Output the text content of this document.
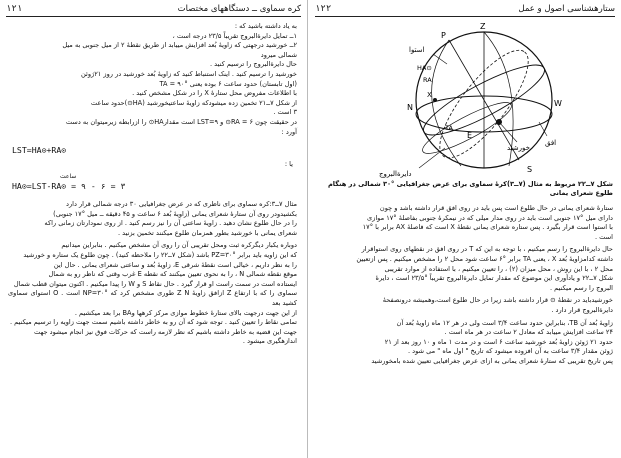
کره سماوی ــ دستگاههای مختصات
۱۲۱

به یاد داشته باشید که :

۱ــ تمایل دایرةالبروج تقریباً ۲۳/۵ درجه است ،

۲ــ خورشید درجهتی که زاویهٔ بُعد افزایش مییابد از طریق نقطهٔ ۲ از میل جنوبی به میل

شمالی میرود

حال دایرةالبروج را ترسیم کنید .

خورشید را ترسیم کنید . اینک استنباط کنید که زاویهٔ بُعد خورشید در روز ۲۱ژوئن

(اول تابستان) حدود ساعت ۶ بوده یعنی °۹۰ = TA

با اطلاعات مفروض محل ستارهٔ X را در شکل مشخص کنید .

از شکل ۷ــ۲۱ تخمین زده میشودکه زاویهٔ ساعتیخورشید (HA⊙)حدود ساعت

۳ است .

در حقیقت چون ۶ = RA⊙ و LST=۹ است مقدارHA⊙ را ازرابطه زیرمیتوان به دست

آورد :

LST=HA⊙+RA⊙
یا :
ساعت
HA⊙=LST-RA⊙ = ۹ - ۶ = ۳

مثال ۷ــ۳:کره سماوی برای ناظری که در عرض جغرافیایی ۳۰ درجه شمالی قرار دارد

بکشیدودر روی آن ستارهٔ شعرای یمانی (زاویهٔ بُعد ۶ ساعت و ۴۵ دقیقه ــ میل °۱۷ جنوبی)

را در حال طلوع نشان دهید . زاویهٔ ساعتی آن را نیز رسم کنید . از روی نمودارتان زمانی راکه

شعرای یمانی با خورشید بطور همزمان طلوع میکنند تخمین بزنید .

دوباره یکبار دیگرکره ثبت ومحل تقریبی آن را روی آن مشخص میکنیم . بنابراین میدانیم

که این زاویه باید برابر °۳۰=PZ باشد (شکل ۷ــ۲۲ را ملاحظه کنید) . چون طلوع یک ستاره و خورشید

را به نظر داریم ، خیالی است نقطهٔ شرقی E، زاویهٔ بُعد و ساعتی شعرای یمانی . حال این

موقع نقطه شمالی N ، را به نحوی تعیین میکنند که نقطه E غرب وقتی که ناظر رو به شمال

ایستاده است در سمت راست او قرار گیرد . حال نقاط S و W را پیدا میکنیم . اکنون میتوان قطب شمال

سماوی را که با ارتفاع Z ازافق زاویهٔ Z N طوری مشخص کرد که °۳۰=NP است . O استوای سماوی کشید بعد

از این جهت درجهت بالای ستارهٔ خطوط موازی مرکز کرهها وBA برا بعد میکشیم .

تمامی نقاط را تعیین کنید . توجه شود که آن رو به خاطر داشته باشیم سمت جهت زاویه را ترسیم میکنیم .

جهت این قضیه به خاطر داشته باشیم که نظر لازمه راست که حرکات فوق نیز انجام میشود جهت

اندازهگیری میشود .

ستارهشناسی اصول و عمل
۱۲۲
Z
P
W
N
S
E
استوا
X
RA
HA⊙
TA
خورشید
افق
دایرةالبروج
شکل ۷ــ۲۲ مربوط به مثال (۷ــ۳)کرهٔ سماوی برای عرض جغرافیایی °۳۰ شمالی در هنگام طلوع شعرای یمانی

ستارهٔ شعرای یمانی در حال طلوع است پس باید در روی افق قرار داشته باشد و چون

دارای میل °۱۷ جنوبی است باید در روی مدار میلی که در نیمکرهٔ جنوبی بفاصلهٔ °۱۷ موازی

با استوا است قرار بگیرد . پس ستاره شعرای یمانی نقطهٔ X است که فاصلهٔ AX برابر با °۱۷

است .

حال دایرةالبروج را رسم میکنیم ، با توجه به این که T در روی افق در نقطهای روی استواقرار

داشته کدامزاویهٔ بُعد X ، یعنی TA برابر °۶ ساعت شود محل ۲ را مشخص میکنیم . پس ازتعیین

محل ۲ ، با این روش ، محل میزان (۲) ، را تعیین میکنیم ، با استفاده از موارد تقریبی

شکل ۷ــ۲۲ و یادآوری این موضوع که مقدار تمایل دایرةالبروج تقریباً °۲۳/۵ است ، دایرهٔ

البروج را رسم میکنیم .

خورشیدباید در نقطهٔ ⊙ قرار داشته باشد زیرا در حال طلوع است،وهمیشه درونصفحهٔ

دایرةالبروج قرار دارد .

زاویهٔ بُعد آن TB، بنابراین حدود ساعت ۳/۴ است ولی در هر ۱۲ ماه زاویهٔ بُعد آن

۲۴ ساعت افزایش مییابد که معادل ۲ ساعت در هر ماه است .

حدود ۲۱ ژوئن زاویهٔ بُعد خورشید ساعت ۶ است و در مدت ۱ ماه و ۱۰ روز بعد از ۲۱

ژوئن مقدار ۳/۴ ساعت به آن افزوده میشود که تاریخ " اول ماه " می شود .

پس تاریخ تقریبی که ستارهٔ شعرای یمانی به ازای عرض جغرافیایی تعیین شده بامخورشید
